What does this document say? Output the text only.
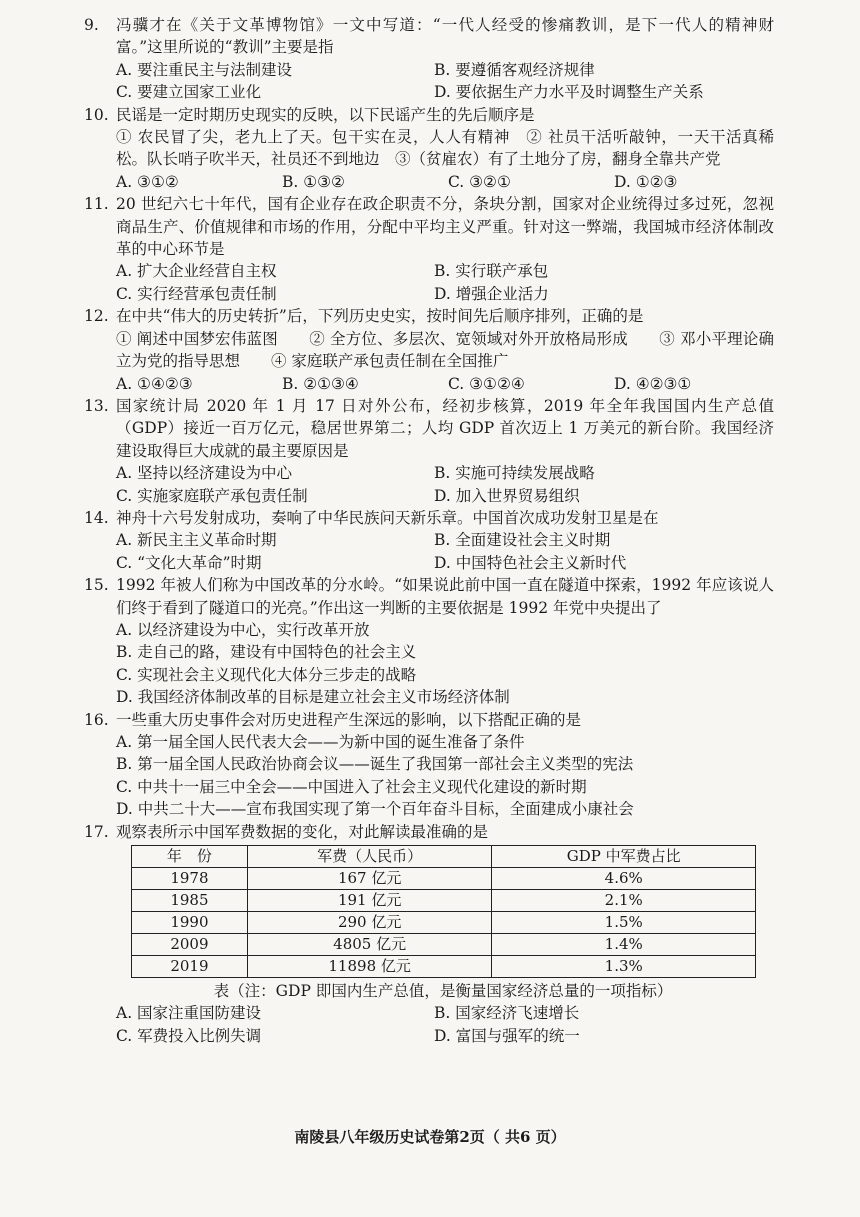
9.	冯骥才在《关于文革博物馆》一文中写道：“一代人经受的惨痛教训，是下一代人的精神财富。”这里所说的“教训”主要是指
A. 要注重民主与法制建设	B. 要遵循客观经济规律
C. 要建立国家工业化	D. 要依据生产力水平及时调整生产关系
10. 民谣是一定时期历史现实的反映，以下民谣产生的先后顺序是
① 农民冒了尖，老九上了天。包干实在灵，人人有精神　② 社员干活听敲钟，一天干活真稀松。队长哨子吹半天，社员还不到地边　③（贫雇农）有了土地分了房，翻身全靠共产党
A. ③①②	B. ①③②	C. ③②①	D. ①②③
11. 20 世纪六七十年代，国有企业存在政企职责不分，条块分割，国家对企业统得过多过死，忽视商品生产、价值规律和市场的作用，分配中平均主义严重。针对这一弊端，我国城市经济体制改革的中心环节是
A. 扩大企业经营自主权	B. 实行联产承包
C. 实行经营承包责任制	D. 增强企业活力
12. 在中共“伟大的历史转折”后，下列历史史实，按时间先后顺序排列，正确的是
① 阐述中国梦宏伟蓝图　　② 全方位、多层次、宽领域对外开放格局形成　　③ 邓小平理论确立为党的指导思想　　④ 家庭联产承包责任制在全国推广
A. ①④②③	B. ②①③④	C. ③①②④	D. ④②③①
13. 国家统计局 2020 年 1 月 17 日对外公布，经初步核算，2019 年全年我国国内生产总值（GDP）接近一百万亿元，稳居世界第二；人均 GDP 首次迈上 1 万美元的新台阶。我国经济建设取得巨大成就的最主要原因是
A. 坚持以经济建设为中心	B. 实施可持续发展战略
C. 实施家庭联产承包责任制	D. 加入世界贸易组织
14. 神舟十六号发射成功，奏响了中华民族问天新乐章。中国首次成功发射卫星是在
A. 新民主主义革命时期	B. 全面建设社会主义时期
C. “文化大革命”时期	D. 中国特色社会主义新时代
15. 1992 年被人们称为中国改革的分水岭。“如果说此前中国一直在隧道中探索，1992 年应该说人们终于看到了隧道口的光亮。”作出这一判断的主要依据是 1992 年党中央提出了
A. 以经济建设为中心，实行改革开放
B. 走自己的路，建设有中国特色的社会主义
C. 实现社会主义现代化大体分三步走的战略
D. 我国经济体制改革的目标是建立社会主义市场经济体制
16. 一些重大历史事件会对历史进程产生深远的影响，以下搭配正确的是
A. 第一届全国人民代表大会——为新中国的诞生准备了条件
B. 第一届全国人民政治协商会议——诞生了我国第一部社会主义类型的宪法
C. 中共十一届三中全会——中国进入了社会主义现代化建设的新时期
D. 中共二十大——宣布我国实现了第一个百年奋斗目标，全面建成小康社会
17. 观察表所示中国军费数据的变化，对此解读最准确的是
年　份	军费（人民币）	GDP 中军费占比
1978	167 亿元	4.6%
1985	191 亿元	2.1%
1990	290 亿元	1.5%
2009	4805 亿元	1.4%
2019	11898 亿元	1.3%
表（注：GDP 即国内生产总值，是衡量国家经济总量的一项指标）
A. 国家注重国防建设	B. 国家经济飞速增长
C. 军费投入比例失调	D. 富国与强军的统一
南陵县八年级历史试卷第2页（ 共6 页）
